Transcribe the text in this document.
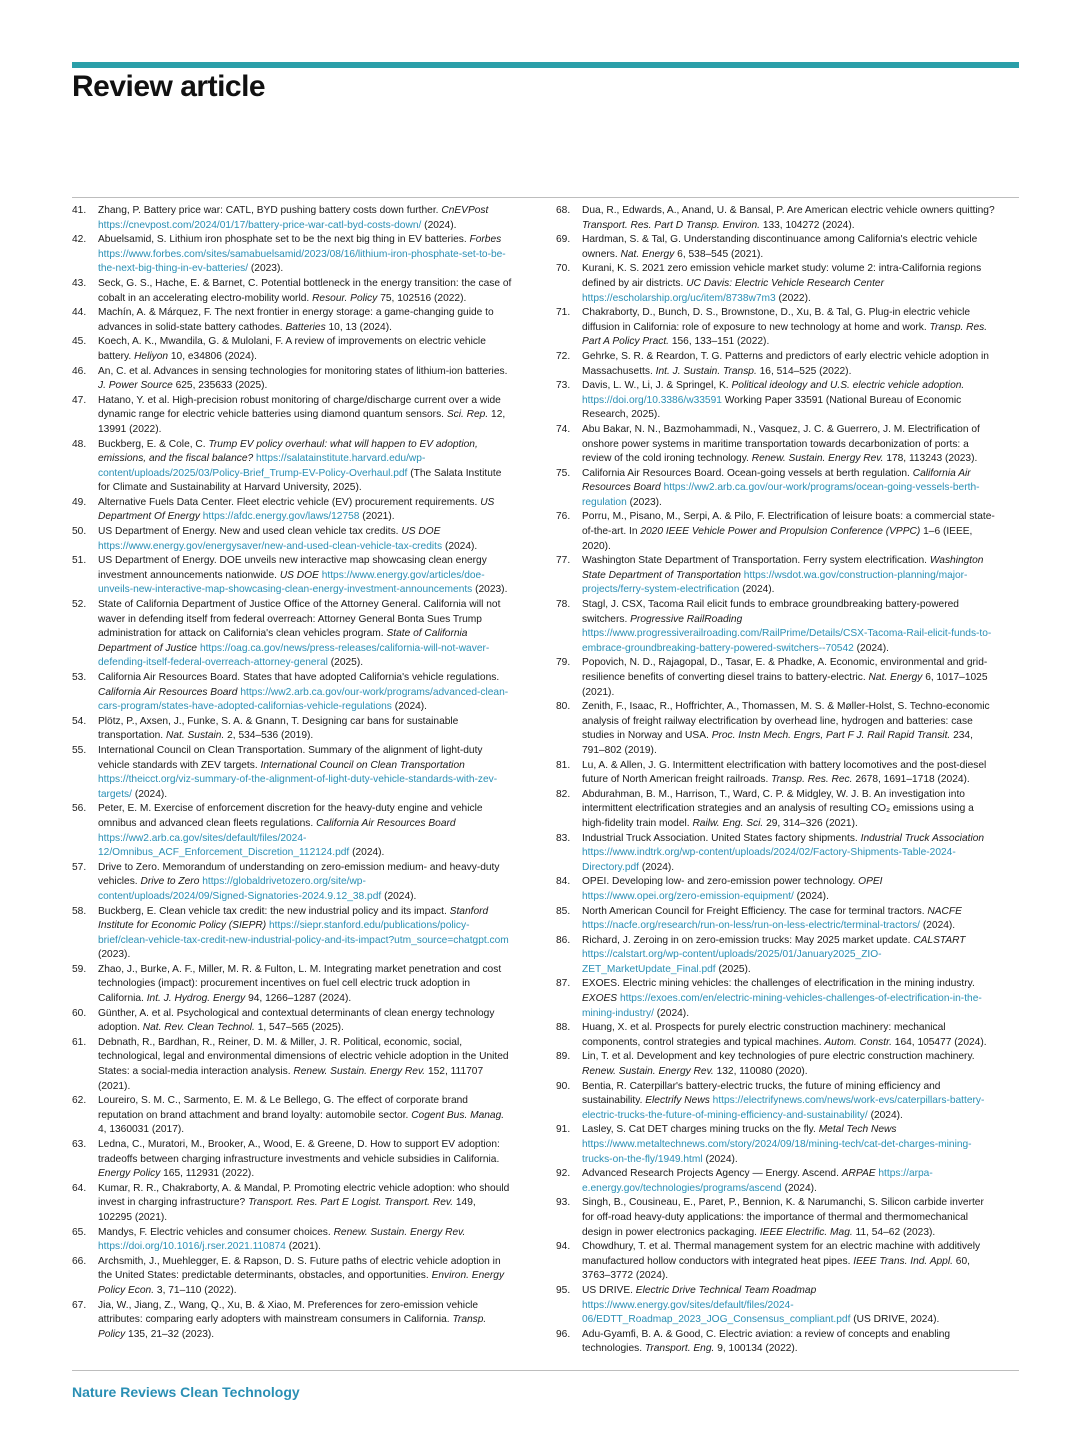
Review article
41.	Zhang, P. Battery price war: CATL, BYD pushing battery costs down further. CnEVPost https://cnevpost.com/2024/01/17/battery-price-war-catl-byd-costs-down/ (2024).
42.	Abuelsamid, S. Lithium iron phosphate set to be the next big thing in EV batteries. Forbes https://www.forbes.com/sites/samabuelsamid/2023/08/16/lithium-iron-phosphate-set-to-be-the-next-big-thing-in-ev-batteries/ (2023).
43.	Seck, G. S., Hache, E. & Barnet, C. Potential bottleneck in the energy transition: the case of cobalt in an accelerating electro-mobility world. Resour. Policy 75, 102516 (2022).
44.	Machín, A. & Márquez, F. The next frontier in energy storage: a game-changing guide to advances in solid-state battery cathodes. Batteries 10, 13 (2024).
45.	Koech, A. K., Mwandila, G. & Mulolani, F. A review of improvements on electric vehicle battery. Heliyon 10, e34806 (2024).
46.	An, C. et al. Advances in sensing technologies for monitoring states of lithium-ion batteries. J. Power Source 625, 235633 (2025).
47.	Hatano, Y. et al. High-precision robust monitoring of charge/discharge current over a wide dynamic range for electric vehicle batteries using diamond quantum sensors. Sci. Rep. 12, 13991 (2022).
48.	Buckberg, E. & Cole, C. Trump EV policy overhaul: what will happen to EV adoption, emissions, and the fiscal balance? https://salatainstitute.harvard.edu/wp-content/uploads/2025/03/Policy-Brief_Trump-EV-Policy-Overhaul.pdf (The Salata Institute for Climate and Sustainability at Harvard University, 2025).
49.	Alternative Fuels Data Center. Fleet electric vehicle (EV) procurement requirements. US Department Of Energy https://afdc.energy.gov/laws/12758 (2021).
50.	US Department of Energy. New and used clean vehicle tax credits. US DOE https://www.energy.gov/energysaver/new-and-used-clean-vehicle-tax-credits (2024).
51.	US Department of Energy. DOE unveils new interactive map showcasing clean energy investment announcements nationwide. US DOE https://www.energy.gov/articles/doe-unveils-new-interactive-map-showcasing-clean-energy-investment-announcements (2023).
52.	State of California Department of Justice Office of the Attorney General. California will not waver in defending itself from federal overreach: Attorney General Bonta Sues Trump administration for attack on California's clean vehicles program. State of California Department of Justice https://oag.ca.gov/news/press-releases/california-will-not-waver-defending-itself-federal-overreach-attorney-general (2025).
53.	California Air Resources Board. States that have adopted California's vehicle regulations. California Air Resources Board https://ww2.arb.ca.gov/our-work/programs/advanced-clean-cars-program/states-have-adopted-californias-vehicle-regulations (2024).
54.	Plötz, P., Axsen, J., Funke, S. A. & Gnann, T. Designing car bans for sustainable transportation. Nat. Sustain. 2, 534–536 (2019).
55.	International Council on Clean Transportation. Summary of the alignment of light-duty vehicle standards with ZEV targets. International Council on Clean Transportation https://theicct.org/viz-summary-of-the-alignment-of-light-duty-vehicle-standards-with-zev-targets/ (2024).
56.	Peter, E. M. Exercise of enforcement discretion for the heavy-duty engine and vehicle omnibus and advanced clean fleets regulations. California Air Resources Board https://ww2.arb.ca.gov/sites/default/files/2024-12/Omnibus_ACF_Enforcement_Discretion_112124.pdf (2024).
57.	Drive to Zero. Memorandum of understanding on zero-emission medium- and heavy-duty vehicles. Drive to Zero https://globaldrivetozero.org/site/wp-content/uploads/2024/09/Signed-Signatories-2024.9.12_38.pdf (2024).
58.	Buckberg, E. Clean vehicle tax credit: the new industrial policy and its impact. Stanford Institute for Economic Policy (SIEPR) https://siepr.stanford.edu/publications/policy-brief/clean-vehicle-tax-credit-new-industrial-policy-and-its-impact?utm_source=chatgpt.com (2023).
59.	Zhao, J., Burke, A. F., Miller, M. R. & Fulton, L. M. Integrating market penetration and cost technologies (impact): procurement incentives on fuel cell electric truck adoption in California. Int. J. Hydrog. Energy 94, 1266–1287 (2024).
60.	Günther, A. et al. Psychological and contextual determinants of clean energy technology adoption. Nat. Rev. Clean Technol. 1, 547–565 (2025).
61.	Debnath, R., Bardhan, R., Reiner, D. M. & Miller, J. R. Political, economic, social, technological, legal and environmental dimensions of electric vehicle adoption in the United States: a social-media interaction analysis. Renew. Sustain. Energy Rev. 152, 111707 (2021).
62.	Loureiro, S. M. C., Sarmento, E. M. & Le Bellego, G. The effect of corporate brand reputation on brand attachment and brand loyalty: automobile sector. Cogent Bus. Manag. 4, 1360031 (2017).
63.	Ledna, C., Muratori, M., Brooker, A., Wood, E. & Greene, D. How to support EV adoption: tradeoffs between charging infrastructure investments and vehicle subsidies in California. Energy Policy 165, 112931 (2022).
64.	Kumar, R. R., Chakraborty, A. & Mandal, P. Promoting electric vehicle adoption: who should invest in charging infrastructure? Transport. Res. Part E Logist. Transport. Rev. 149, 102295 (2021).
65.	Mandys, F. Electric vehicles and consumer choices. Renew. Sustain. Energy Rev. https://doi.org/10.1016/j.rser.2021.110874 (2021).
66.	Archsmith, J., Muehlegger, E. & Rapson, D. S. Future paths of electric vehicle adoption in the United States: predictable determinants, obstacles, and opportunities. Environ. Energy Policy Econ. 3, 71–110 (2022).
67.	Jia, W., Jiang, Z., Wang, Q., Xu, B. & Xiao, M. Preferences for zero-emission vehicle attributes: comparing early adopters with mainstream consumers in California. Transp. Policy 135, 21–32 (2023).
68.	Dua, R., Edwards, A., Anand, U. & Bansal, P. Are American electric vehicle owners quitting? Transport. Res. Part D Transp. Environ. 133, 104272 (2024).
69.	Hardman, S. & Tal, G. Understanding discontinuance among California's electric vehicle owners. Nat. Energy 6, 538–545 (2021).
70.	Kurani, K. S. 2021 zero emission vehicle market study: volume 2: intra-California regions defined by air districts. UC Davis: Electric Vehicle Research Center https://escholarship.org/uc/item/8738w7m3 (2022).
71.	Chakraborty, D., Bunch, D. S., Brownstone, D., Xu, B. & Tal, G. Plug-in electric vehicle diffusion in California: role of exposure to new technology at home and work. Transp. Res. Part A Policy Pract. 156, 133–151 (2022).
72.	Gehrke, S. R. & Reardon, T. G. Patterns and predictors of early electric vehicle adoption in Massachusetts. Int. J. Sustain. Transp. 16, 514–525 (2022).
73.	Davis, L. W., Li, J. & Springel, K. Political ideology and U.S. electric vehicle adoption. https://doi.org/10.3386/w33591 Working Paper 33591 (National Bureau of Economic Research, 2025).
74.	Abu Bakar, N. N., Bazmohammadi, N., Vasquez, J. C. & Guerrero, J. M. Electrification of onshore power systems in maritime transportation towards decarbonization of ports: a review of the cold ironing technology. Renew. Sustain. Energy Rev. 178, 113243 (2023).
75.	California Air Resources Board. Ocean-going vessels at berth regulation. California Air Resources Board https://ww2.arb.ca.gov/our-work/programs/ocean-going-vessels-berth-regulation (2023).
76.	Porru, M., Pisano, M., Serpi, A. & Pilo, F. Electrification of leisure boats: a commercial state-of-the-art. In 2020 IEEE Vehicle Power and Propulsion Conference (VPPC) 1–6 (IEEE, 2020).
77.	Washington State Department of Transportation. Ferry system electrification. Washington State Department of Transportation https://wsdot.wa.gov/construction-planning/major-projects/ferry-system-electrification (2024).
78.	Stagl, J. CSX, Tacoma Rail elicit funds to embrace groundbreaking battery-powered switchers. Progressive RailRoading https://www.progressiverailroading.com/RailPrime/Details/CSX-Tacoma-Rail-elicit-funds-to-embrace-groundbreaking-battery-powered-switchers--70542 (2024).
79.	Popovich, N. D., Rajagopal, D., Tasar, E. & Phadke, A. Economic, environmental and grid-resilience benefits of converting diesel trains to battery-electric. Nat. Energy 6, 1017–1025 (2021).
80.	Zenith, F., Isaac, R., Hoffrichter, A., Thomassen, M. S. & Møller-Holst, S. Techno-economic analysis of freight railway electrification by overhead line, hydrogen and batteries: case studies in Norway and USA. Proc. Instn Mech. Engrs, Part F J. Rail Rapid Transit. 234, 791–802 (2019).
81.	Lu, A. & Allen, J. G. Intermittent electrification with battery locomotives and the post-diesel future of North American freight railroads. Transp. Res. Rec. 2678, 1691–1718 (2024).
82.	Abdurahman, B. M., Harrison, T., Ward, C. P. & Midgley, W. J. B. An investigation into intermittent electrification strategies and an analysis of resulting CO₂ emissions using a high-fidelity train model. Railw. Eng. Sci. 29, 314–326 (2021).
83.	Industrial Truck Association. United States factory shipments. Industrial Truck Association https://www.indtrk.org/wp-content/uploads/2024/02/Factory-Shipments-Table-2024-Directory.pdf (2024).
84.	OPEI. Developing low- and zero-emission power technology. OPEI https://www.opei.org/zero-emission-equipment/ (2024).
85.	North American Council for Freight Efficiency. The case for terminal tractors. NACFE https://nacfe.org/research/run-on-less/run-on-less-electric/terminal-tractors/ (2024).
86.	Richard, J. Zeroing in on zero-emission trucks: May 2025 market update. CALSTART https://calstart.org/wp-content/uploads/2025/01/January2025_ZIO-ZET_MarketUpdate_Final.pdf (2025).
87.	EXOES. Electric mining vehicles: the challenges of electrification in the mining industry. EXOES https://exoes.com/en/electric-mining-vehicles-challenges-of-electrification-in-the-mining-industry/ (2024).
88.	Huang, X. et al. Prospects for purely electric construction machinery: mechanical components, control strategies and typical machines. Autom. Constr. 164, 105477 (2024).
89.	Lin, T. et al. Development and key technologies of pure electric construction machinery. Renew. Sustain. Energy Rev. 132, 110080 (2020).
90.	Bentia, R. Caterpillar's battery-electric trucks, the future of mining efficiency and sustainability. Electrify News https://electrifynews.com/news/work-evs/caterpillars-battery-electric-trucks-the-future-of-mining-efficiency-and-sustainability/ (2024).
91.	Lasley, S. Cat DET charges mining trucks on the fly. Metal Tech News https://www.metaltechnews.com/story/2024/09/18/mining-tech/cat-det-charges-mining-trucks-on-the-fly/1949.html (2024).
92.	Advanced Research Projects Agency — Energy. Ascend. ARPAE https://arpa-e.energy.gov/technologies/programs/ascend (2024).
93.	Singh, B., Cousineau, E., Paret, P., Bennion, K. & Narumanchi, S. Silicon carbide inverter for off-road heavy-duty applications: the importance of thermal and thermomechanical design in power electronics packaging. IEEE Electrific. Mag. 11, 54–62 (2023).
94.	Chowdhury, T. et al. Thermal management system for an electric machine with additively manufactured hollow conductors with integrated heat pipes. IEEE Trans. Ind. Appl. 60, 3763–3772 (2024).
95.	US DRIVE. Electric Drive Technical Team Roadmap https://www.energy.gov/sites/default/files/2024-06/EDTT_Roadmap_2023_JOG_Consensus_compliant.pdf (US DRIVE, 2024).
96.	Adu-Gyamfi, B. A. & Good, C. Electric aviation: a review of concepts and enabling technologies. Transport. Eng. 9, 100134 (2022).
Nature Reviews Clean Technology
